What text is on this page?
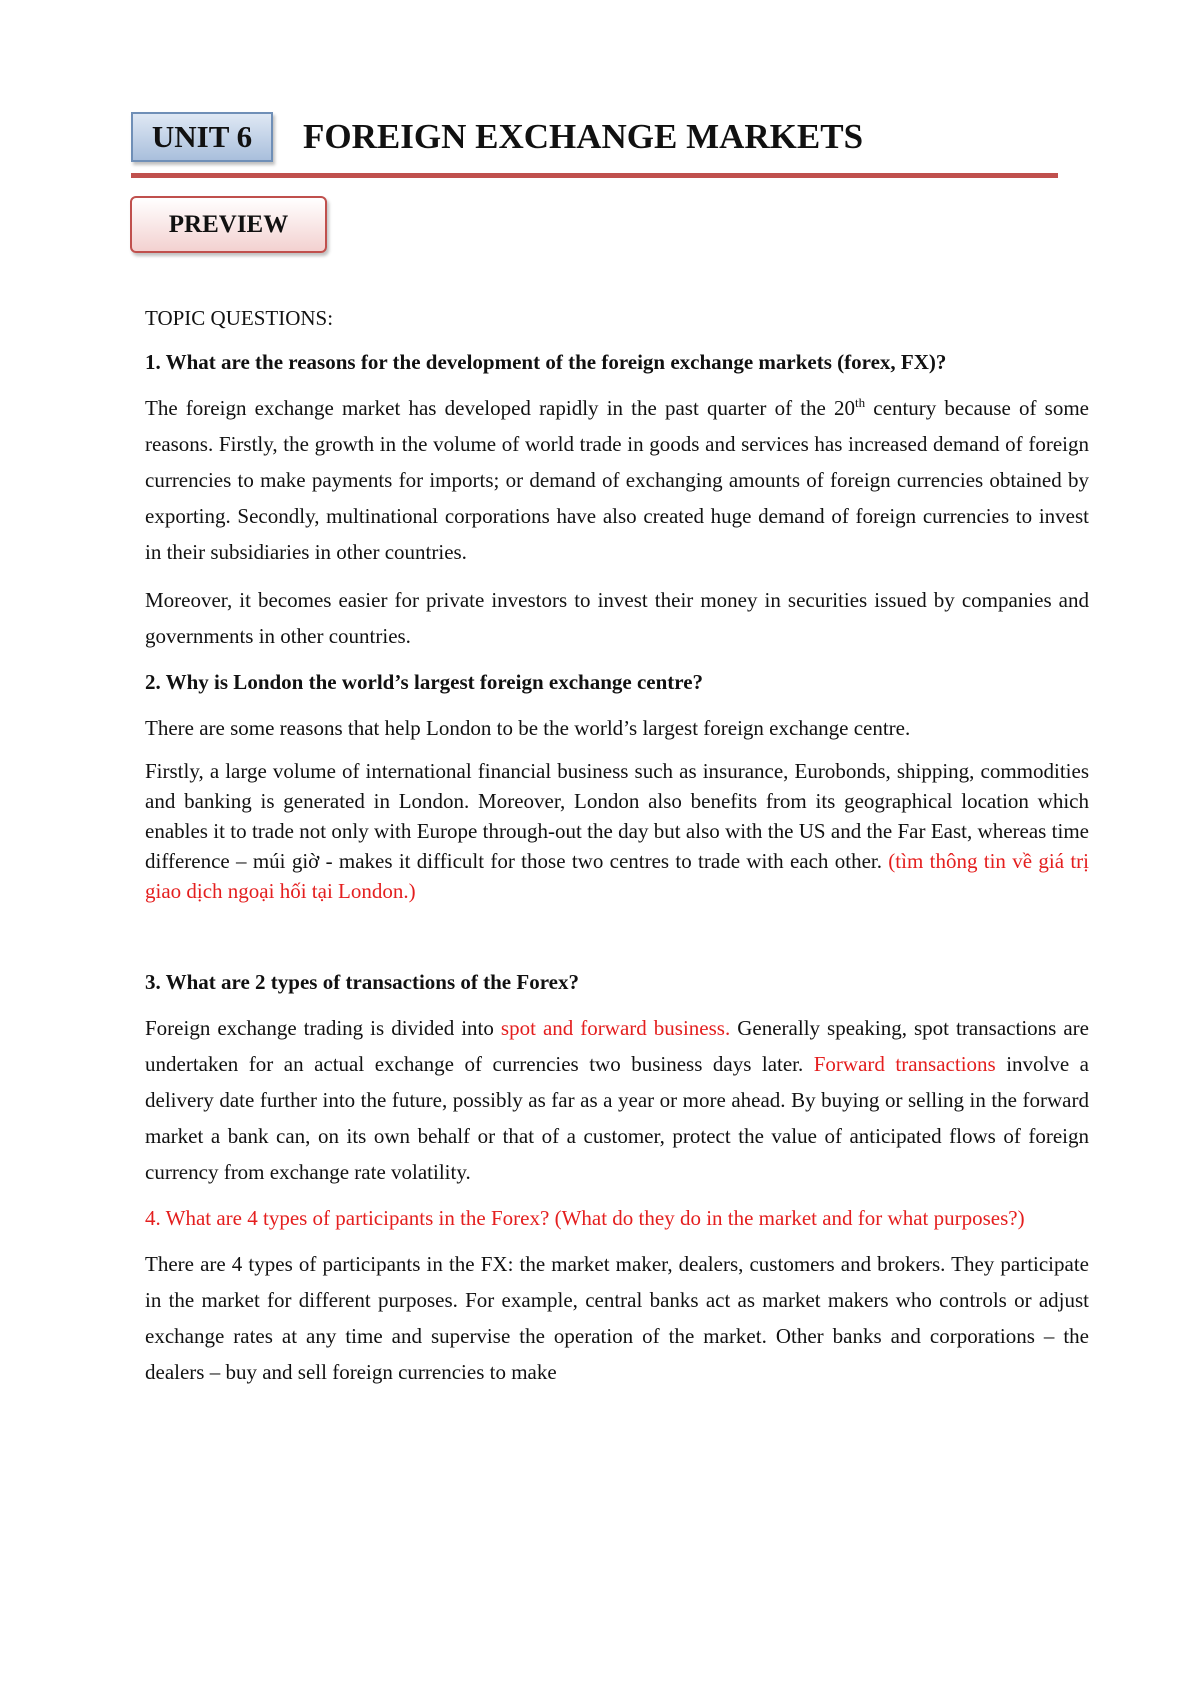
UNIT 6	FOREIGN EXCHANGE MARKETS
PREVIEW

TOPIC QUESTIONS:

1. What are the reasons for the development of the foreign exchange markets (forex, FX)?

The foreign exchange market has developed rapidly in the past quarter of the 20th century because of some reasons. Firstly, the growth in the volume of world trade in goods and services has increased demand of foreign currencies to make payments for imports; or demand of exchanging amounts of foreign currencies obtained by exporting. Secondly, multinational corporations have also created huge demand of foreign currencies to invest in their subsidiaries in other countries.

Moreover, it becomes easier for private investors to invest their money in securities issued by companies and governments in other countries.

2. Why is London the world’s largest foreign exchange centre?

There are some reasons that help London to be the world’s largest foreign exchange centre.

Firstly, a large volume of international financial business such as insurance, Eurobonds, shipping, commodities and banking is generated in London. Moreover, London also benefits from its geographical location which enables it to trade not only with Europe through-out the day but also with the US and the Far East, whereas time difference – múi giờ - makes it difficult for those two centres to trade with each other. (tìm thông tin về giá trị giao dịch ngoại hối tại London.)

3. What are 2 types of transactions of the Forex?

Foreign exchange trading is divided into spot and forward business. Generally speaking, spot transactions are undertaken for an actual exchange of currencies two business days later. Forward transactions involve a delivery date further into the future, possibly as far as a year or more ahead. By buying or selling in the forward market a bank can, on its own behalf or that of a customer, protect the value of anticipated flows of foreign currency from exchange rate volatility.

4. What are 4 types of participants in the Forex? (What do they do in the market and for what purposes?)

There are 4 types of participants in the FX: the market maker, dealers, customers and brokers. They participate in the market for different purposes. For example, central banks act as market makers who controls or adjust exchange rates at any time and supervise the operation of the market. Other banks and corporations – the dealers – buy and sell foreign currencies to make
